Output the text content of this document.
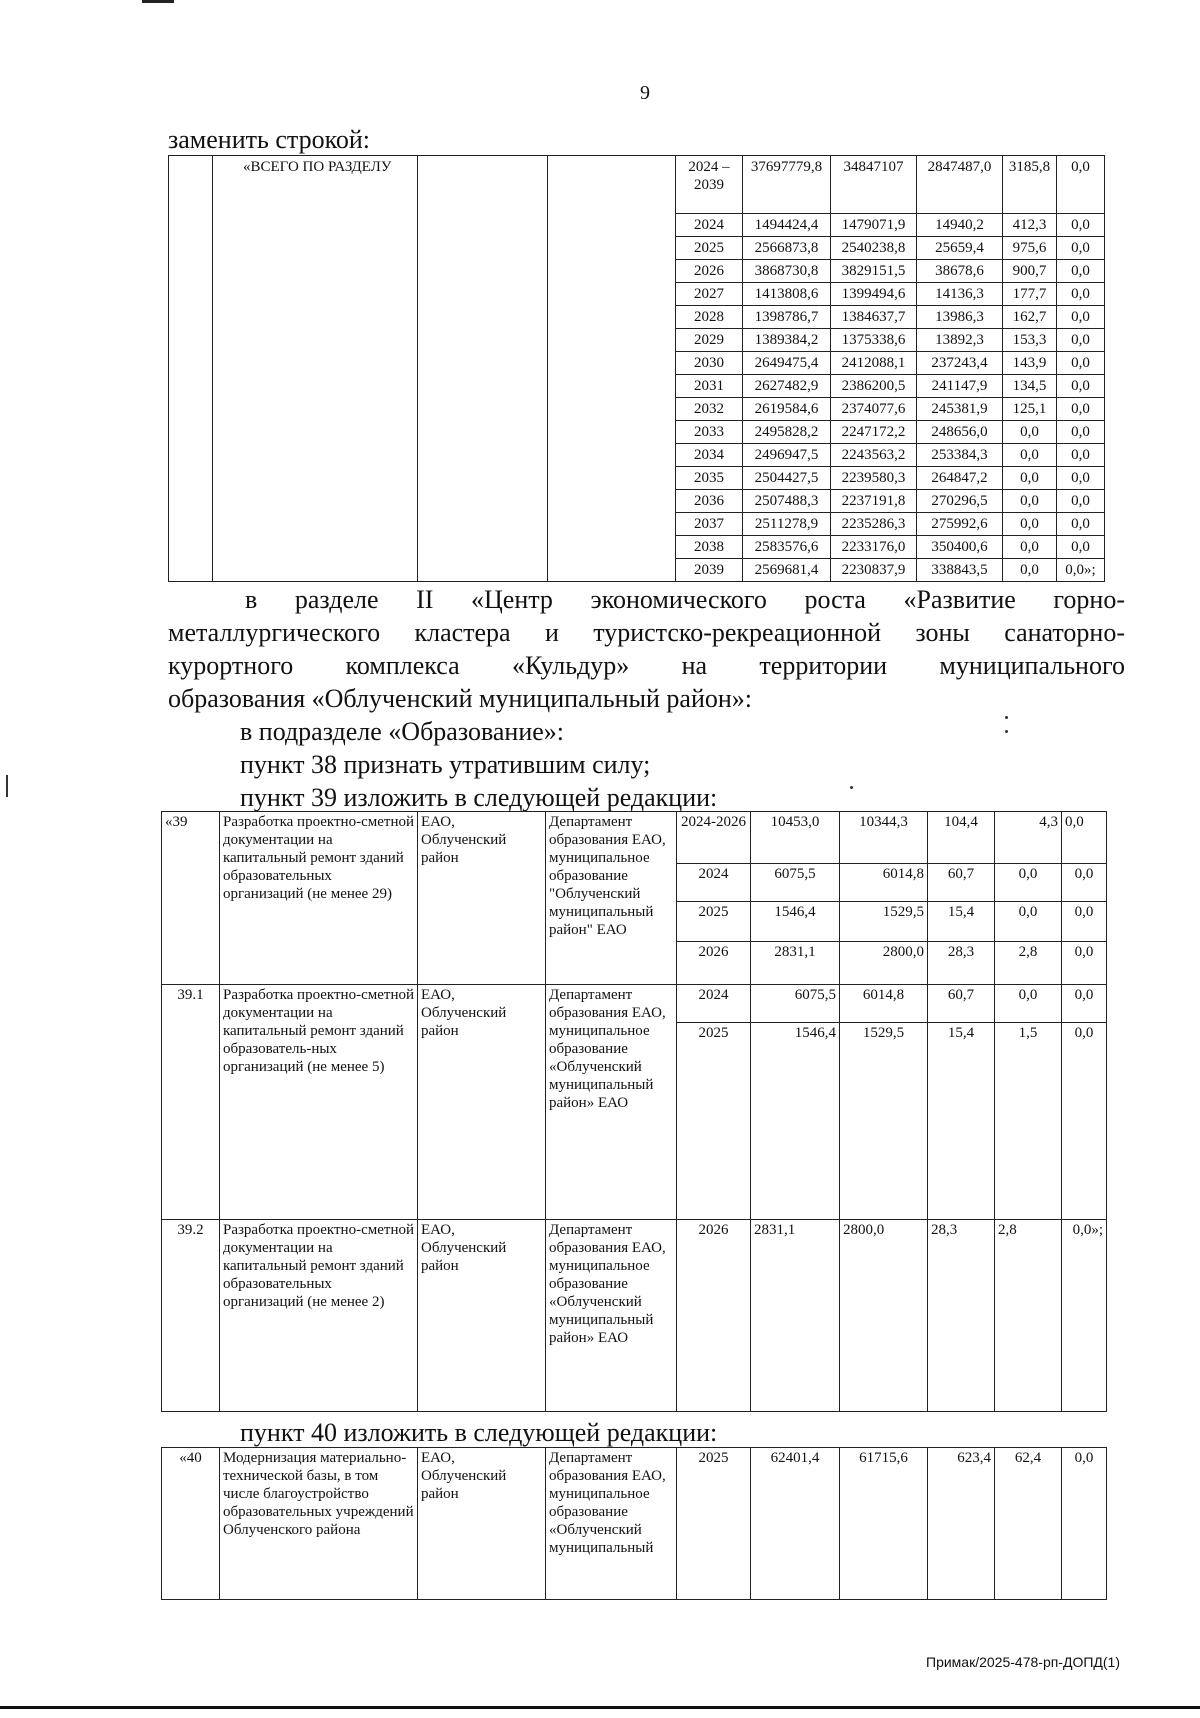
9
заменить строкой:
	«ВСЕГО ПО РАЗДЕЛУ			2024 – 2039	37697779,8	34847107	2847487,0	3185,8	0,0
				2024	1494424,4	1479071,9	14940,2	412,3	0,0
				2025	2566873,8	2540238,8	25659,4	975,6	0,0
				2026	3868730,8	3829151,5	38678,6	900,7	0,0
				2027	1413808,6	1399494,6	14136,3	177,7	0,0
				2028	1398786,7	1384637,7	13986,3	162,7	0,0
				2029	1389384,2	1375338,6	13892,3	153,3	0,0
				2030	2649475,4	2412088,1	237243,4	143,9	0,0
				2031	2627482,9	2386200,5	241147,9	134,5	0,0
				2032	2619584,6	2374077,6	245381,9	125,1	0,0
				2033	2495828,2	2247172,2	248656,0	0,0	0,0
				2034	2496947,5	2243563,2	253384,3	0,0	0,0
				2035	2504427,5	2239580,3	264847,2	0,0	0,0
				2036	2507488,3	2237191,8	270296,5	0,0	0,0
				2037	2511278,9	2235286,3	275992,6	0,0	0,0
				2038	2583576,6	2233176,0	350400,6	0,0	0,0
				2039	2569681,4	2230837,9	338843,5	0,0	0,0»;
в разделе II «Центр экономического роста «Развитие горно-
металлургического кластера и туристско-рекреационной зоны санаторно-
курортного комплекса «Кульдур» на территории муниципального
образования «Облученский муниципальный район»:
в подразделе «Образование»:
пункт 38 признать утратившим силу;
пункт 39 изложить в следующей редакции:
«39	Разработка проектно-сметной документации на капитальный ремонт зданий образовательных организаций (не менее 29)	ЕАО, Облученский район	Департамент образования ЕАО, муниципальное образование "Облученский муниципальный район" ЕАО	2024-2026	10453,0	10344,3	104,4	4,3	0,0
				2024	6075,5	6014,8	60,7	0,0	0,0
				2025	1546,4	1529,5	15,4	0,0	0,0
				2026	2831,1	2800,0	28,3	2,8	0,0
39.1	Разработка проектно-сметной документации на капитальный ремонт зданий образователь-ных организаций (не менее 5)	ЕАО, Облученский район	Департамент образования ЕАО, муниципальное образование «Облученский муниципальный район» ЕАО	2024	6075,5	6014,8	60,7	0,0	0,0
				2025	1546,4	1529,5	15,4	1,5	0,0
39.2	Разработка проектно-сметной документации на капитальный ремонт зданий образовательных организаций (не менее 2)	ЕАО, Облученский район	Департамент образования ЕАО, муниципальное образование «Облученский муниципальный район» ЕАО	2026	2831,1	2800,0	28,3	2,8	0,0»;
пункт 40 изложить в следующей редакции:
«40	Модернизация материально-технической базы, в том числе благоустройство образовательных учреждений Облученского района	ЕАО, Облученский район	Департамент образования ЕАО, муниципальное образование «Облученский муниципальный	2025	62401,4	61715,6	623,4	62,4	0,0
Примак/2025-478-рп-ДОПД(1)
